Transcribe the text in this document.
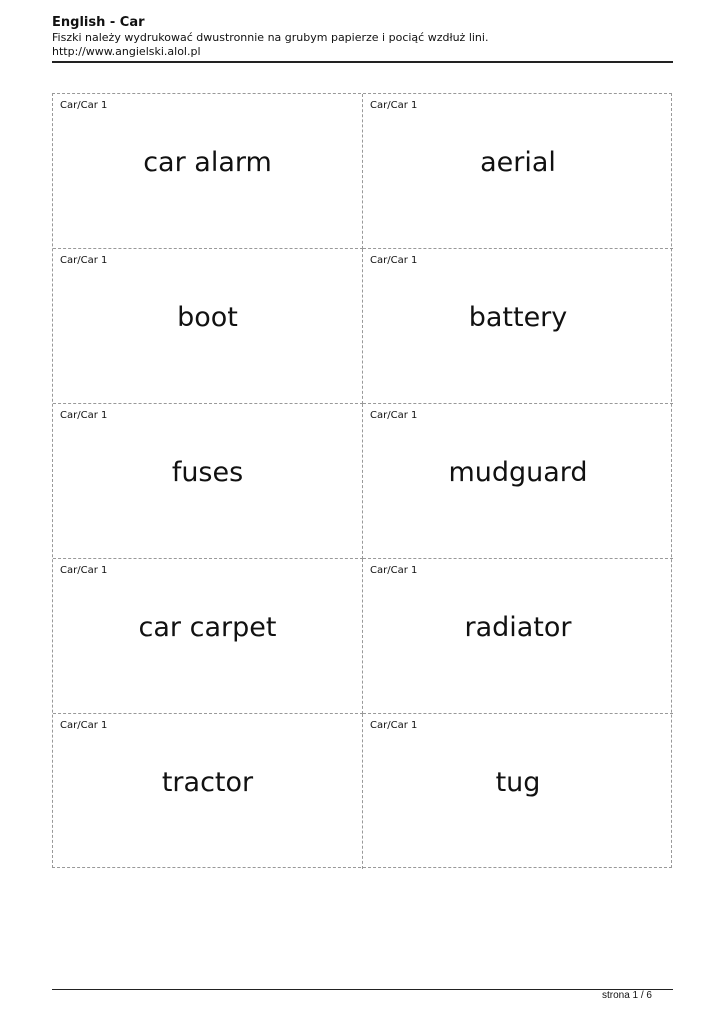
English - Car
Fiszki należy wydrukować dwustronnie na grubym papierze i pociąć wzdłuż lini.
http://www.angielski.alol.pl
Car/Car 1
car alarm
Car/Car 1
aerial
Car/Car 1
boot
Car/Car 1
battery
Car/Car 1
fuses
Car/Car 1
mudguard
Car/Car 1
car carpet
Car/Car 1
radiator
Car/Car 1
tractor
Car/Car 1
tug
strona 1 / 6
